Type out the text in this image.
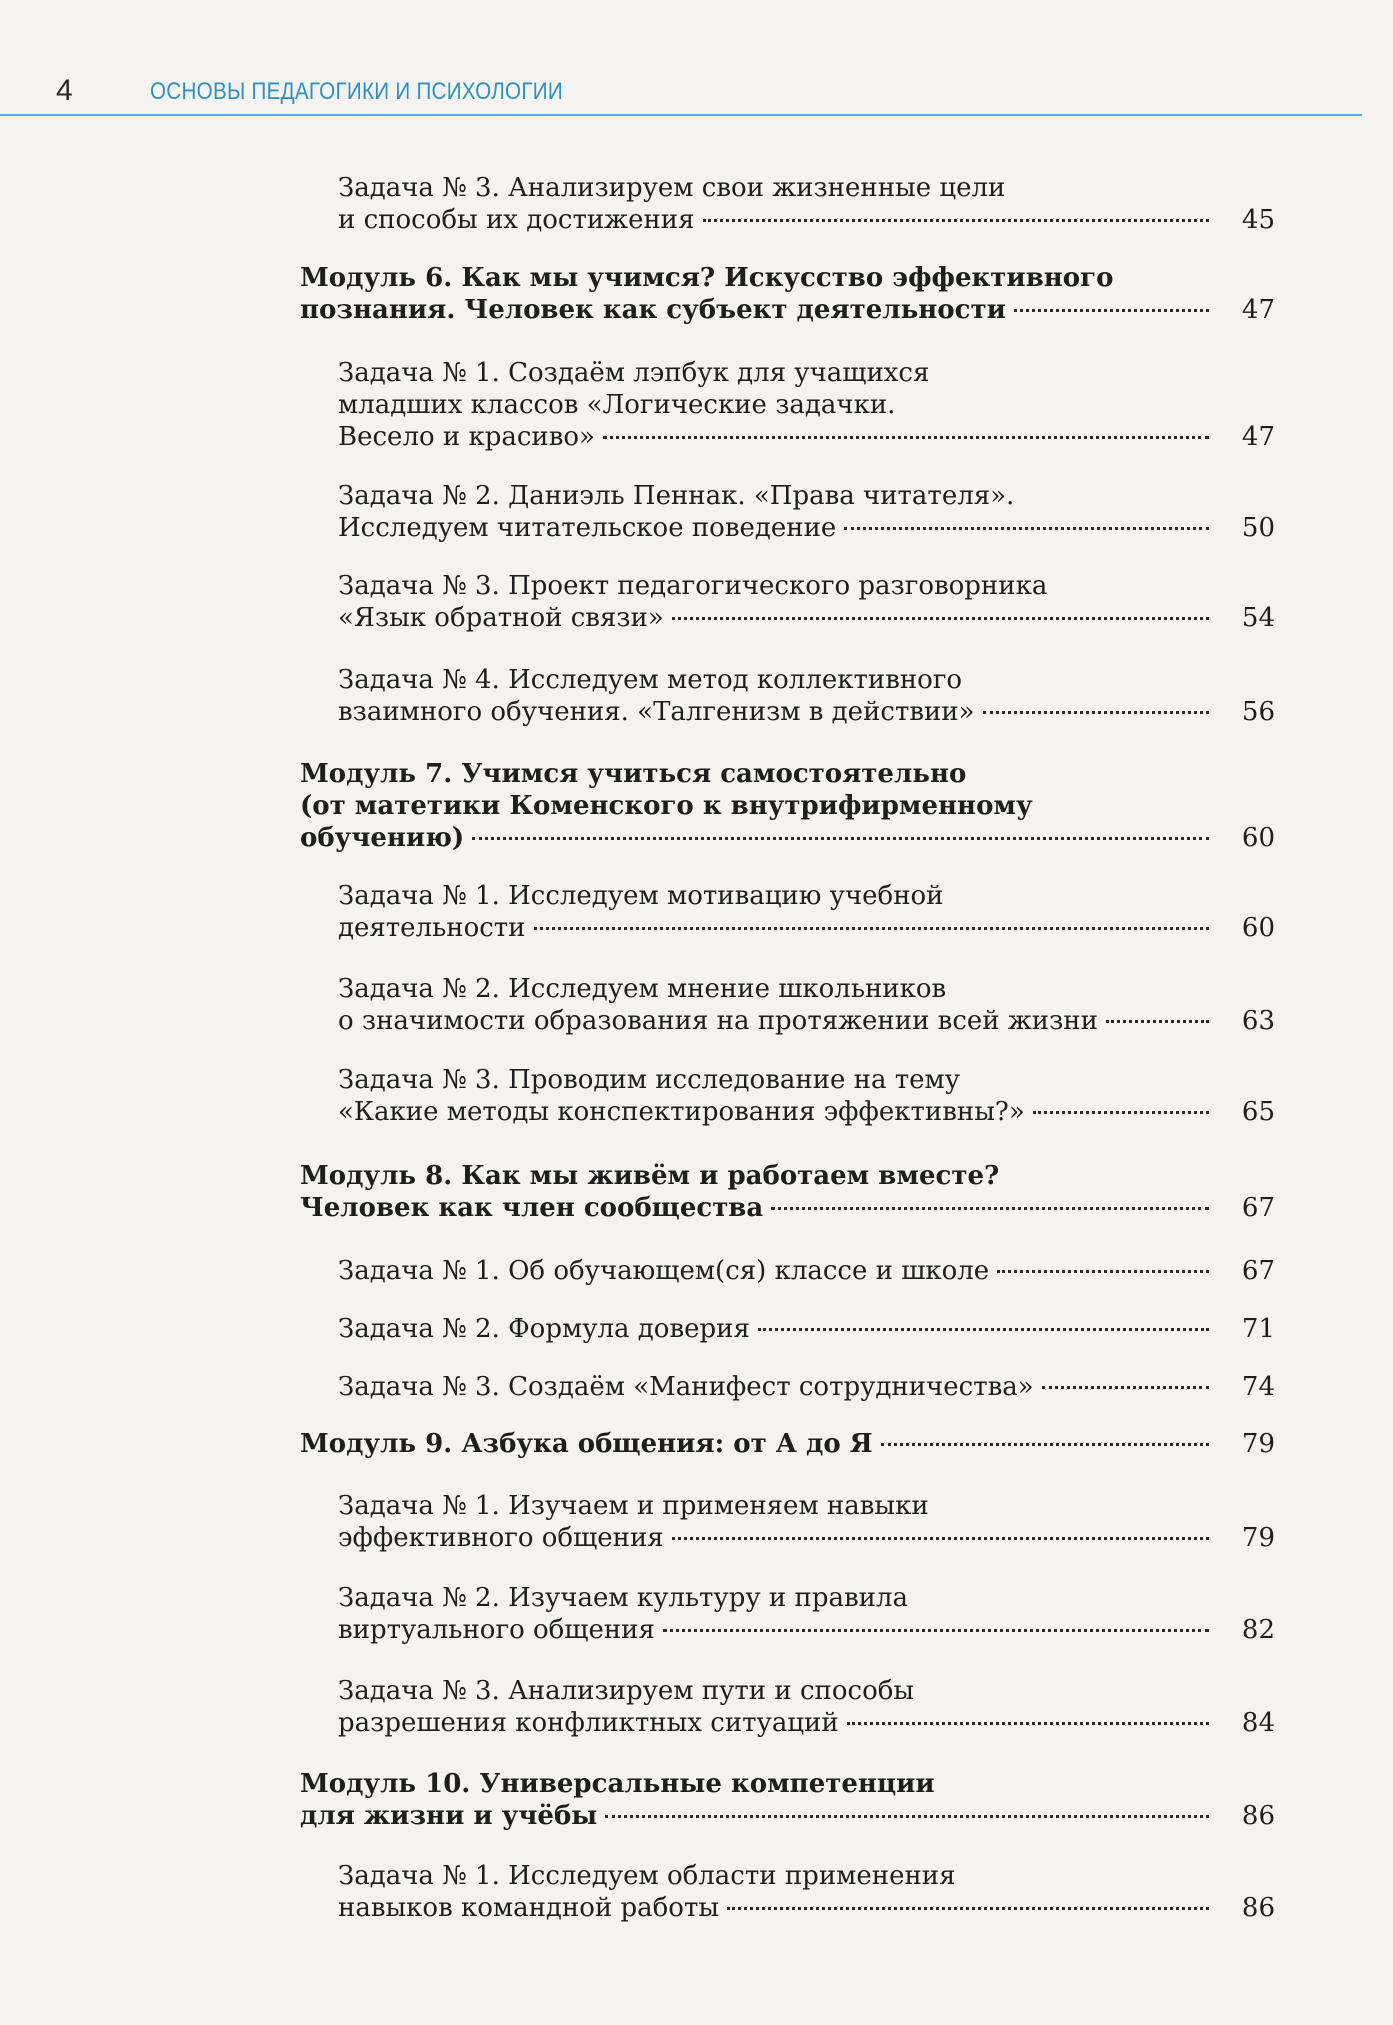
4	ОСНОВЫ ПЕДАГОГИКИ И ПСИХОЛОГИИ
Задача № 3. Анализируем свои жизненные цели
и способы их достижения	45
Модуль 6. Как мы учимся? Искусство эффективного
познания. Человек как субъект деятельности	47
Задача № 1. Создаём лэпбук для учащихся
младших классов «Логические задачки.
Весело и красиво»	47
Задача № 2. Даниэль Пеннак. «Права читателя».
Исследуем читательское поведение	50
Задача № 3. Проект педагогического разговорника
«Язык обратной связи»	54
Задача № 4. Исследуем метод коллективного
взаимного обучения. «Талгенизм в действии»	56
Модуль 7. Учимся учиться самостоятельно
(от матетики Коменского к внутрифирменному
обучению)	60
Задача № 1. Исследуем мотивацию учебной
деятельности	60
Задача № 2. Исследуем мнение школьников
о значимости образования на протяжении всей жизни	63
Задача № 3. Проводим исследование на тему
«Какие методы конспектирования эффективны?»	65
Модуль 8. Как мы живём и работаем вместе?
Человек как член сообщества	67
Задача № 1. Об обучающем(ся) классе и школе	67
Задача № 2. Формула доверия	71
Задача № 3. Создаём «Манифест сотрудничества»	74
Модуль 9. Азбука общения: от А до Я	79
Задача № 1. Изучаем и применяем навыки
эффективного общения	79
Задача № 2. Изучаем культуру и правила
виртуального общения	82
Задача № 3. Анализируем пути и способы
разрешения конфликтных ситуаций	84
Модуль 10. Универсальные компетенции
для жизни и учёбы	86
Задача № 1. Исследуем области применения
навыков командной работы	86
